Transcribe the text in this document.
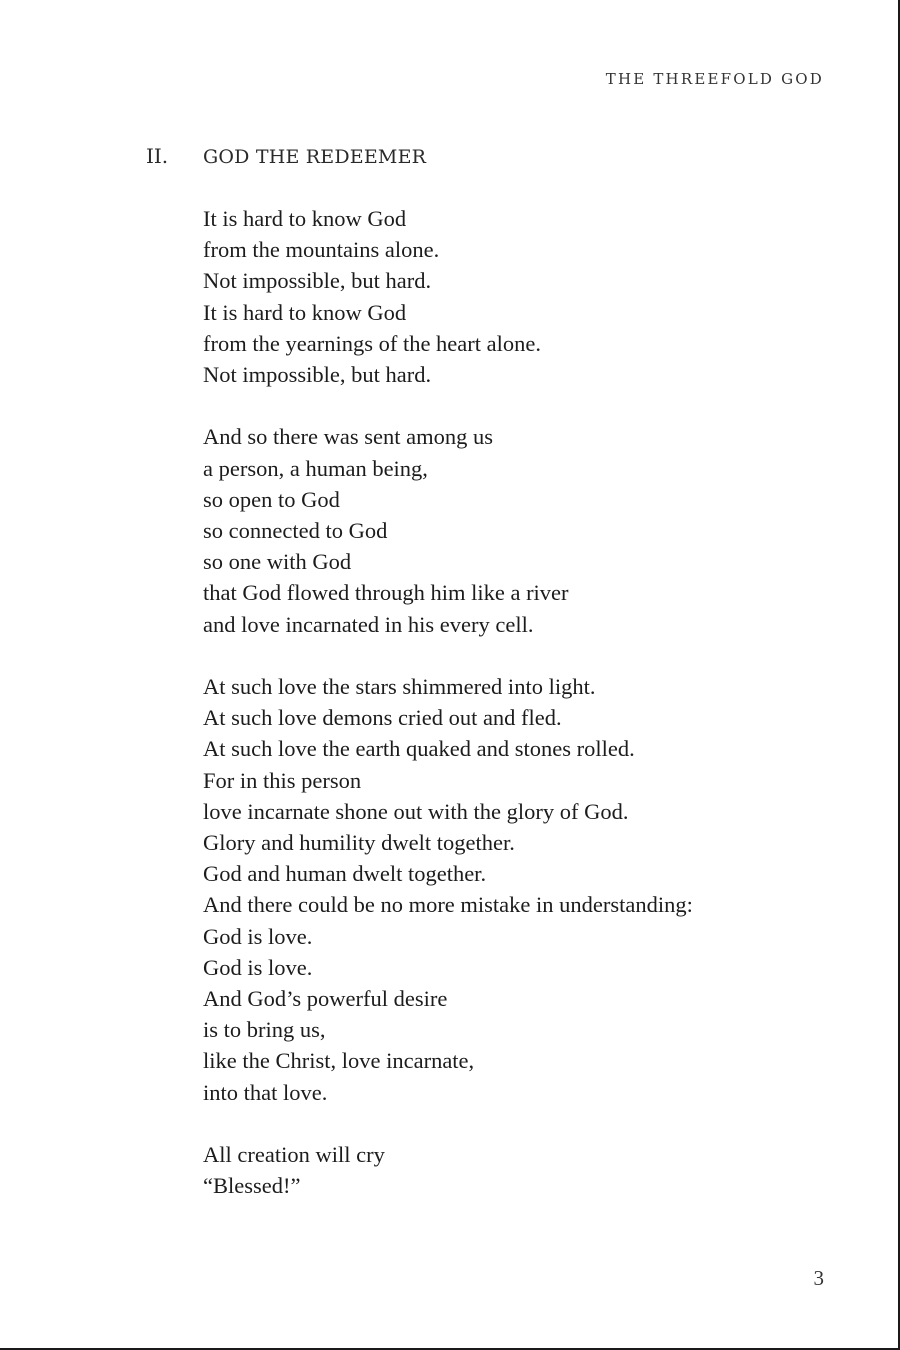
THE THREEFOLD GOD
II. GOD THE REDEEMER
It is hard to know God
from the mountains alone.
Not impossible, but hard.
It is hard to know God
from the yearnings of the heart alone.
Not impossible, but hard.
And so there was sent among us
a person, a human being,
so open to God
so connected to God
so one with God
that God flowed through him like a river
and love incarnated in his every cell.
At such love the stars shimmered into light.
At such love demons cried out and fled.
At such love the earth quaked and stones rolled.
For in this person
love incarnate shone out with the glory of God.
Glory and humility dwelt together.
God and human dwelt together.
And there could be no more mistake in understanding:
God is love.
God is love.
And God’s powerful desire
is to bring us,
like the Christ, love incarnate,
into that love.
All creation will cry
“Blessed!”
3
